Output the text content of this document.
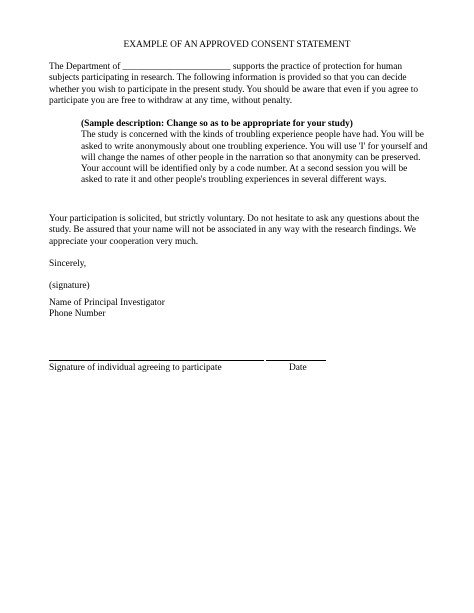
EXAMPLE OF AN APPROVED CONSENT STATEMENT
The Department of _______________________ supports the practice of protection for human
subjects participating in research. The following information is provided so that you can decide
whether you wish to participate in the present study. You should be aware that even if you agree to
participate you are free to withdraw at any time, without penalty.
(Sample description: Change so as to be appropriate for your study)
The study is concerned with the kinds of troubling experience people have had. You will be
asked to write anonymously about one troubling experience. You will use 'I' for yourself and
will change the names of other people in the narration so that anonymity can be preserved.
Your account will be identified only by a code number. At a second session you will be
asked to rate it and other people's troubling experiences in several different ways.
Your participation is solicited, but strictly voluntary. Do not hesitate to ask any questions about the
study. Be assured that your name will not be associated in any way with the research findings. We
appreciate your cooperation very much.
Sincerely,
(signature)
Name of Principal Investigator
Phone Number
Signature of individual agreeing to participate	Date
